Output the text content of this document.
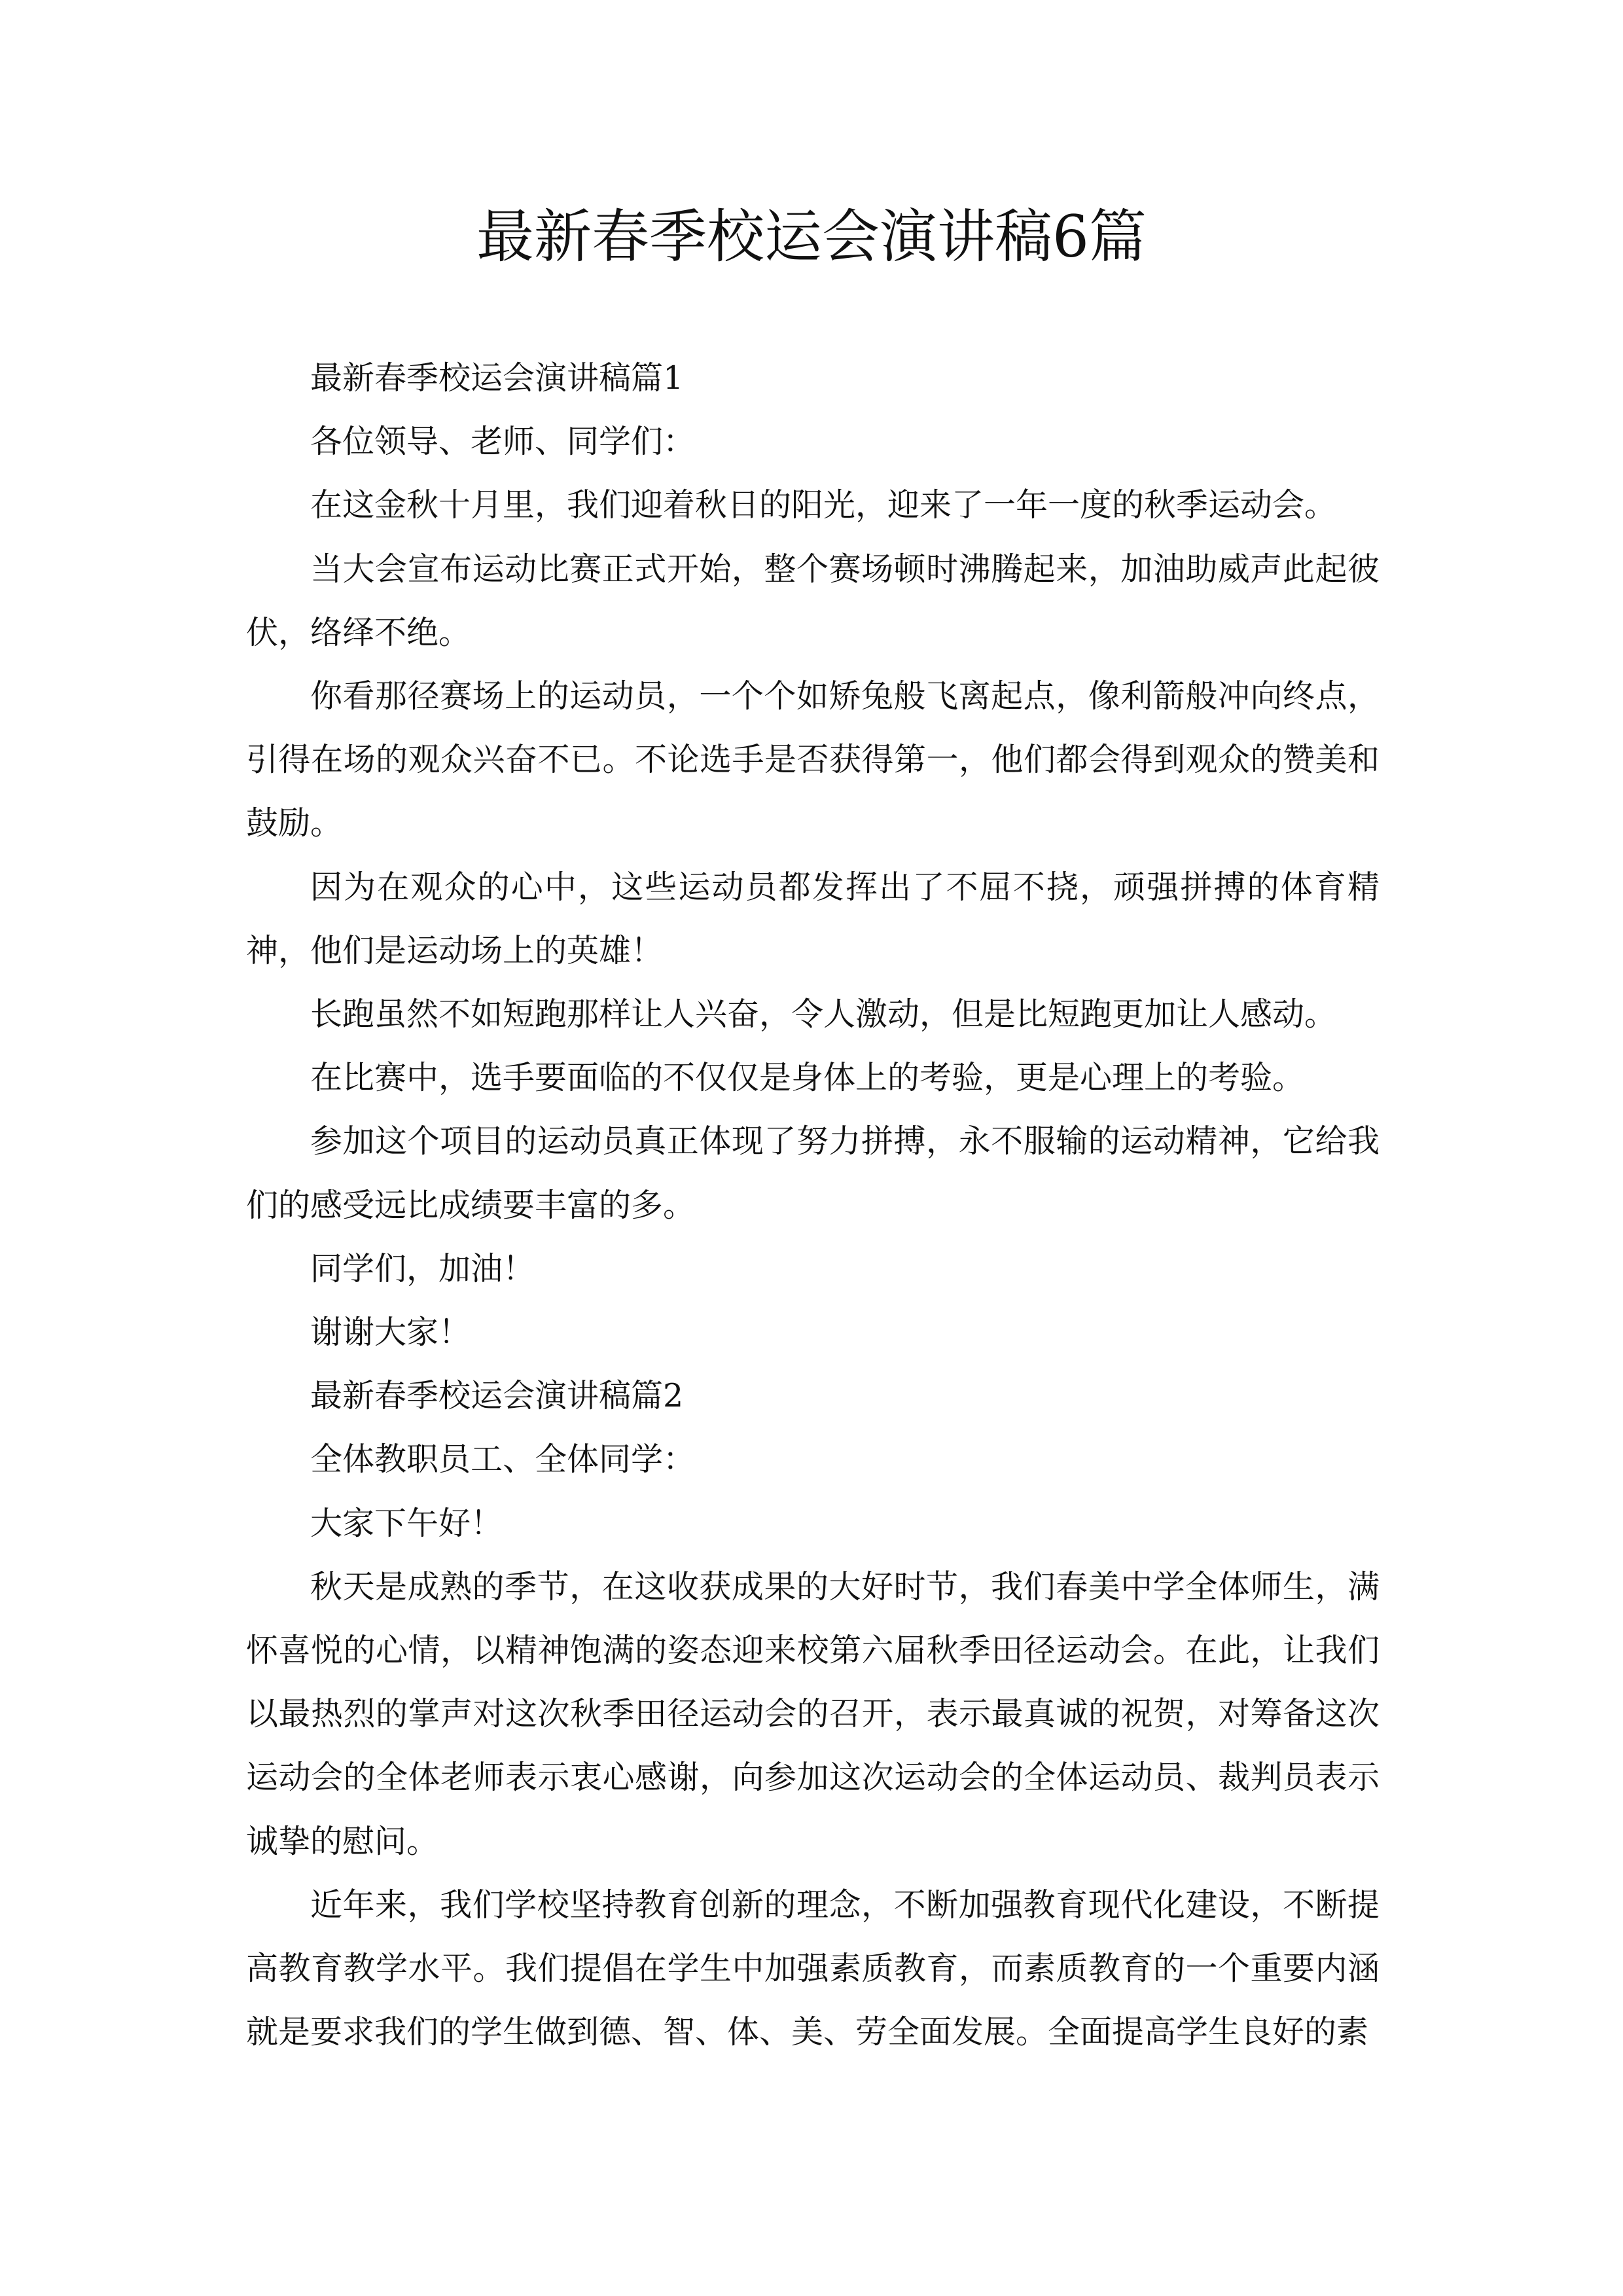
最新春季校运会演讲稿6篇

最新春季校运会演讲稿篇1

各位领导、老师、同学们：

在这金秋十月里，我们迎着秋日的阳光，迎来了一年一度的秋季运动会。

当大会宣布运动比赛正式开始，整个赛场顿时沸腾起来，加油助威声此起彼伏，络绎不绝。

你看那径赛场上的运动员，一个个如矫兔般飞离起点，像利箭般冲向终点，引得在场的观众兴奋不已。不论选手是否获得第一，他们都会得到观众的赞美和鼓励。

因为在观众的心中，这些运动员都发挥出了不屈不挠，顽强拼搏的体育精神，他们是运动场上的英雄！

长跑虽然不如短跑那样让人兴奋，令人激动，但是比短跑更加让人感动。

在比赛中，选手要面临的不仅仅是身体上的考验，更是心理上的考验。

参加这个项目的运动员真正体现了努力拼搏，永不服输的运动精神，它给我们的感受远比成绩要丰富的多。

同学们，加油！

谢谢大家！

最新春季校运会演讲稿篇2

全体教职员工、全体同学：

大家下午好！

秋天是成熟的季节，在这收获成果的大好时节，我们春美中学全体师生，满怀喜悦的心情，以精神饱满的姿态迎来校第六届秋季田径运动会。在此，让我们以最热烈的掌声对这次秋季田径运动会的召开，表示最真诚的祝贺，对筹备这次运动会的全体老师表示衷心感谢，向参加这次运动会的全体运动员、裁判员表示诚挚的慰问。

近年来，我们学校坚持教育创新的理念，不断加强教育现代化建设，不断提高教育教学水平。我们提倡在学生中加强素质教育，而素质教育的一个重要内涵就是要求我们的学生做到德、智、体、美、劳全面发展。全面提高学生良好的素
